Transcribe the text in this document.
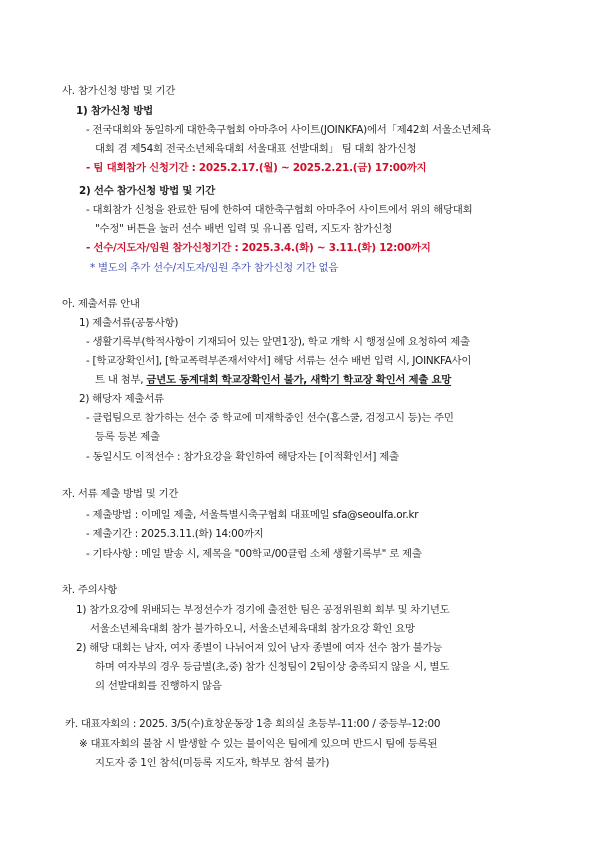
사. 참가신청 방법 및 기간
1) 참가신청 방법
- 전국대회와 동일하게 대한축구협회 아마추어 사이트(JOINKFA)에서「제42회 서울소년체육
대회 겸 제54회 전국소년체육대회 서울대표 선발대회」 팀 대회 참가신청
- 팀 대회참가 신청기간 : 2025.2.17.(월) ~ 2025.2.21.(금) 17:00까지
2) 선수 참가신청 방법 및 기간
- 대회참가 신청을 완료한 팀에 한하여 대한축구협회 아마추어 사이트에서 위의 해당대회
"수정" 버튼을 눌러 선수 배번 입력 및 유니폼 입력, 지도자 참가신청
- 선수/지도자/임원 참가신청기간 : 2025.3.4.(화) ~ 3.11.(화) 12:00까지
* 별도의 추가 선수/지도자/임원 추가 참가신청 기간 없음
아. 제출서류 안내
1) 제출서류(공통사항)
- 생활기록부(학적사항이 기재되어 있는 앞면1장), 학교 개학 시 행정실에 요청하여 제출
- [학교장확인서], [학교폭력부존재서약서] 해당 서류는 선수 배번 입력 시, JOINKFA사이
트 내 첨부, 금년도 동계대회 학교장확인서 불가, 새학기 학교장 확인서 제출 요망
2) 해당자 제출서류
- 클럽팀으로 참가하는 선수 중 학교에 미재학중인 선수(홈스쿨, 검정고시 등)는 주민
등록 등본 제출
- 동일시도 이적선수 : 참가요강을 확인하여 해당자는 [이적확인서] 제출
자. 서류 제출 방법 및 기간
- 제출방법 : 이메일 제출, 서울특별시축구협회 대표메일 sfa@seoulfa.or.kr
- 제출기간 : 2025.3.11.(화) 14:00까지
- 기타사항 : 메일 발송 시, 제목을 "00학교/00클럽 소체 생활기록부" 로 제출
차. 주의사항
1) 참가요강에 위배되는 부정선수가 경기에 출전한 팀은 공정위원회 회부 및 차기년도
서울소년체육대회 참가 불가하오니, 서울소년체육대회 참가요강 확인 요망
2) 해당 대회는 남자, 여자 종별이 나뉘어져 있어 남자 종별에 여자 선수 참가 불가능
하며 여자부의 경우 등급별(초,중) 참가 신청팀이 2팀이상 충족되지 않을 시, 별도
의 선발대회를 진행하지 않음
카. 대표자회의 : 2025. 3/5(수)효창운동장 1층 회의실 초등부-11:00 / 중등부-12:00
※ 대표자회의 불참 시 발생할 수 있는 불이익은 팀에게 있으며 반드시 팀에 등록된
지도자 중 1인 참석(미등록 지도자, 학부모 참석 불가)
